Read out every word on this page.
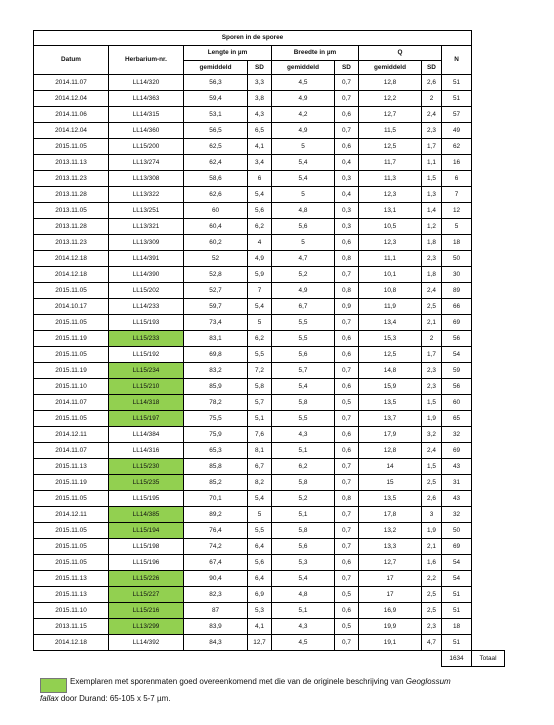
Sporen in de sporee									
Datum	Herbarium-nr.	Lengte in µm		Breedte in µm		Q		N	
		gemiddeld	SD	gemiddeld	SD	gemiddeld	SD		
2014.11.07	LL14/320	56,3	3,3	4,5	0,7	12,8	2,6	51	
2014.12.04	LL14/363	59,4	3,8	4,9	0,7	12,2	2	51	
2014.11.06	LL14/315	53,1	4,3	4,2	0,6	12,7	2,4	57	
2014.12.04	LL14/360	56,5	6,5	4,9	0,7	11,5	2,3	49	
2015.11.05	LL15/200	62,5	4,1	5	0,6	12,5	1,7	62	
2013.11.13	LL13/274	62,4	3,4	5,4	0,4	11,7	1,1	16	
2013.11.23	LL13/308	58,6	6	5,4	0,3	11,3	1,5	6	
2013.11.28	LL13/322	62,6	5,4	5	0,4	12,3	1,3	7	
2013.11.05	LL13/251	60	5,6	4,8	0,3	13,1	1,4	12	
2013.11.28	LL13/321	60,4	6,2	5,6	0,3	10,5	1,2	5	
2013.11.23	LL13/309	60,2	4	5	0,6	12,3	1,8	18	
2014.12.18	LL14/391	52	4,9	4,7	0,8	11,1	2,3	50	
2014.12.18	LL14/390	52,8	5,9	5,2	0,7	10,1	1,8	30	
2015.11.05	LL15/202	52,7	7	4,9	0,8	10,8	2,4	89	
2014.10.17	LL14/233	59,7	5,4	6,7	0,9	11,9	2,5	66	
2015.11.05	LL15/193	73,4	5	5,5	0,7	13,4	2,1	69	
2015.11.19	LL15/233	83,1	6,2	5,5	0,6	15,3	2	56	
2015.11.05	LL15/192	69,8	5,5	5,6	0,6	12,5	1,7	54	
2015.11.19	LL15/234	83,2	7,2	5,7	0,7	14,8	2,3	59	
2015.11.10	LL15/210	85,9	5,8	5,4	0,6	15,9	2,3	56	
2014.11.07	LL14/318	78,2	5,7	5,8	0,5	13,5	1,5	60	
2015.11.05	LL15/197	75,5	5,1	5,5	0,7	13,7	1,9	65	
2014.12.11	LL14/384	75,9	7,6	4,3	0,6	17,9	3,2	32	
2014.11.07	LL14/316	65,3	8,1	5,1	0,6	12,8	2,4	69	
2015.11.13	LL15/230	85,8	6,7	6,2	0,7	14	1,5	43	
2015.11.19	LL15/235	85,2	8,2	5,8	0,7	15	2,5	31	
2015.11.05	LL15/195	70,1	5,4	5,2	0,8	13,5	2,6	43	
2014.12.11	LL14/385	89,2	5	5,1	0,7	17,8	3	32	
2015.11.05	LL15/194	76,4	5,5	5,8	0,7	13,2	1,9	50	
2015.11.05	LL15/198	74,2	6,4	5,6	0,7	13,3	2,1	69	
2015.11.05	LL15/196	67,4	5,6	5,3	0,6	12,7	1,6	54	
2015.11.13	LL15/226	90,4	6,4	5,4	0,7	17	2,2	54	
2015.11.13	LL15/227	82,3	6,9	4,8	0,5	17	2,5	51	
2015.11.10	LL15/216	87	5,3	5,1	0,6	16,9	2,5	51	
2013.11.15	LL13/299	83,9	4,1	4,3	0,5	19,9	2,3	18	
2014.12.18	LL14/392	84,3	12,7	4,5	0,7	19,1	4,7	51	
								1634	Totaal
Exemplaren met sporenmaten goed overeenkomend met die van de originele beschrijving van Geoglossum
fallax door Durand: 65-105 x 5-7 µm.
